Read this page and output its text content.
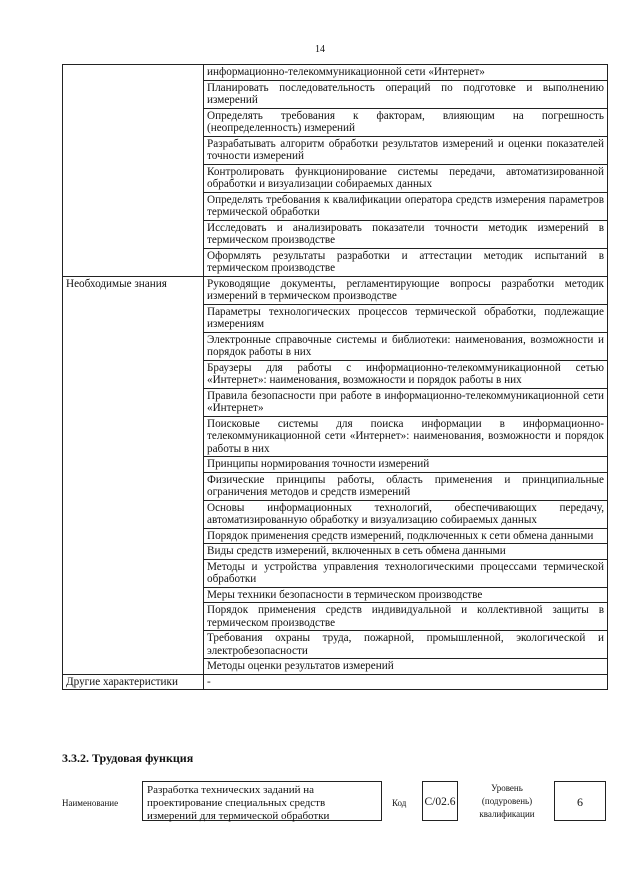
14
	информационно-телекоммуникационной сети «Интернет»
	Планировать последовательность операций по подготовке и выполнению измерений
	Определять требования к факторам, влияющим на погрешность (неопределенность) измерений
	Разрабатывать алгоритм обработки результатов измерений и оценки показателей точности измерений
	Контролировать функционирование системы передачи, автоматизированной обработки и визуализации собираемых данных
	Определять требования к квалификации оператора средств измерения параметров термической обработки
	Исследовать и анализировать показатели точности методик измерений в термическом производстве
	Оформлять результаты разработки и аттестации методик испытаний в термическом производстве
Необходимые знания	Руководящие документы, регламентирующие вопросы разработки методик измерений в термическом производстве
	Параметры технологических процессов термической обработки, подлежащие измерениям
	Электронные справочные системы и библиотеки: наименования, возможности и порядок работы в них
	Браузеры для работы с информационно-телекоммуникационной сетью «Интернет»: наименования, возможности и порядок работы в них
	Правила безопасности при работе в информационно-телекоммуникационной сети «Интернет»
	Поисковые системы для поиска информации в информационно-телекоммуникационной сети «Интернет»: наименования, возможности и порядок работы в них
	Принципы нормирования точности измерений
	Физические принципы работы, область применения и принципиальные ограничения методов и средств измерений
	Основы информационных технологий, обеспечивающих передачу, автоматизированную обработку и визуализацию собираемых данных
	Порядок применения средств измерений, подключенных к сети обмена данными
	Виды средств измерений, включенных в сеть обмена данными
	Методы и устройства управления технологическими процессами термической обработки
	Меры техники безопасности в термическом производстве
	Порядок применения средств индивидуальной и коллективной защиты в термическом производстве
	Требования охраны труда, пожарной, промышленной, экологической и электробезопасности
	Методы оценки результатов измерений
Другие характеристики	-
3.3.2. Трудовая функция
Наименование
Разработка технических заданий на проектирование специальных средств измерений для термической обработки
Код C/02.6
Уровень (подуровень) квалификации
6
